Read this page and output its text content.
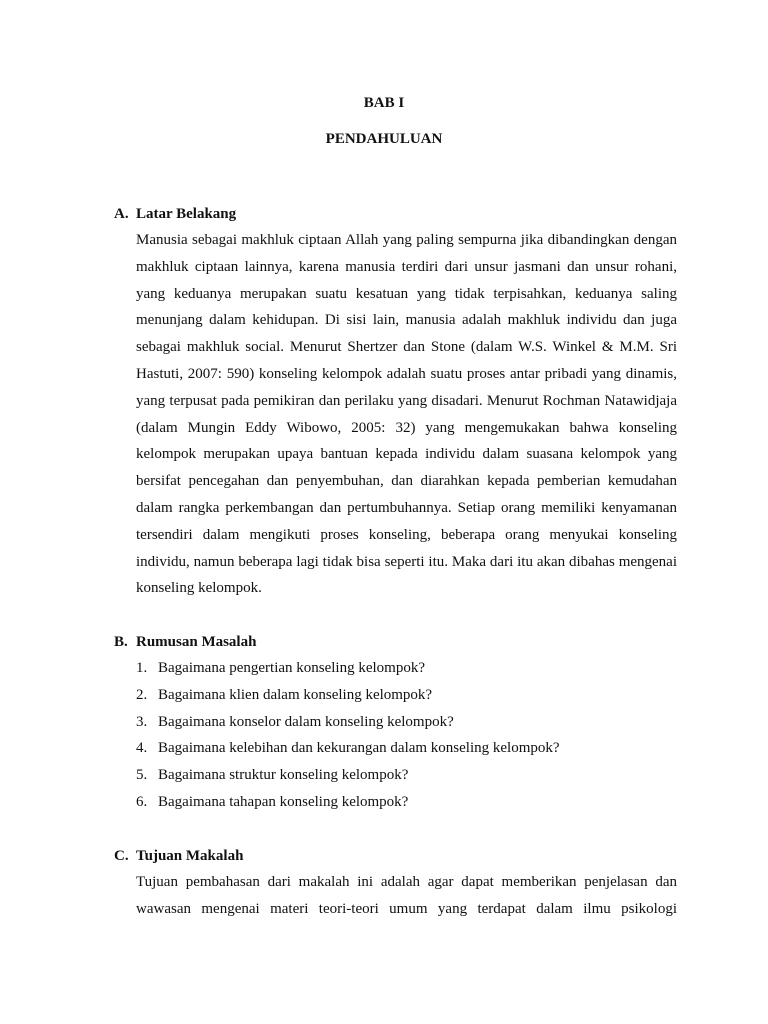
BAB I
PENDAHULUAN
A. Latar Belakang
Manusia sebagai makhluk ciptaan Allah yang paling sempurna jika dibandingkan dengan
makhluk ciptaan lainnya, karena manusia terdiri dari unsur jasmani dan unsur rohani,
yang keduanya merupakan suatu kesatuan yang tidak terpisahkan, keduanya saling
menunjang dalam kehidupan. Di sisi lain, manusia adalah makhluk individu dan juga
sebagai makhluk social. Menurut Shertzer dan Stone (dalam W.S. Winkel & M.M. Sri
Hastuti, 2007: 590) konseling kelompok adalah suatu proses antar pribadi yang dinamis,
yang terpusat pada pemikiran dan perilaku yang disadari. Menurut Rochman Natawidjaja
(dalam Mungin Eddy Wibowo, 2005: 32) yang mengemukakan bahwa konseling
kelompok merupakan upaya bantuan kepada individu dalam suasana kelompok yang
bersifat pencegahan dan penyembuhan, dan diarahkan kepada pemberian kemudahan
dalam rangka perkembangan dan pertumbuhannya. Setiap orang memiliki kenyamanan
tersendiri dalam mengikuti proses konseling, beberapa orang menyukai konseling
individu, namun beberapa lagi tidak bisa seperti itu. Maka dari itu akan dibahas mengenai
konseling kelompok.
B. Rumusan Masalah
1. Bagaimana pengertian konseling kelompok?
2. Bagaimana klien dalam konseling kelompok?
3. Bagaimana konselor dalam konseling kelompok?
4. Bagaimana kelebihan dan kekurangan dalam konseling kelompok?
5. Bagaimana struktur konseling kelompok?
6. Bagaimana tahapan konseling kelompok?
C. Tujuan Makalah
Tujuan pembahasan dari makalah ini adalah agar dapat memberikan penjelasan dan
wawasan mengenai materi teori-teori umum yang terdapat dalam ilmu psikologi
